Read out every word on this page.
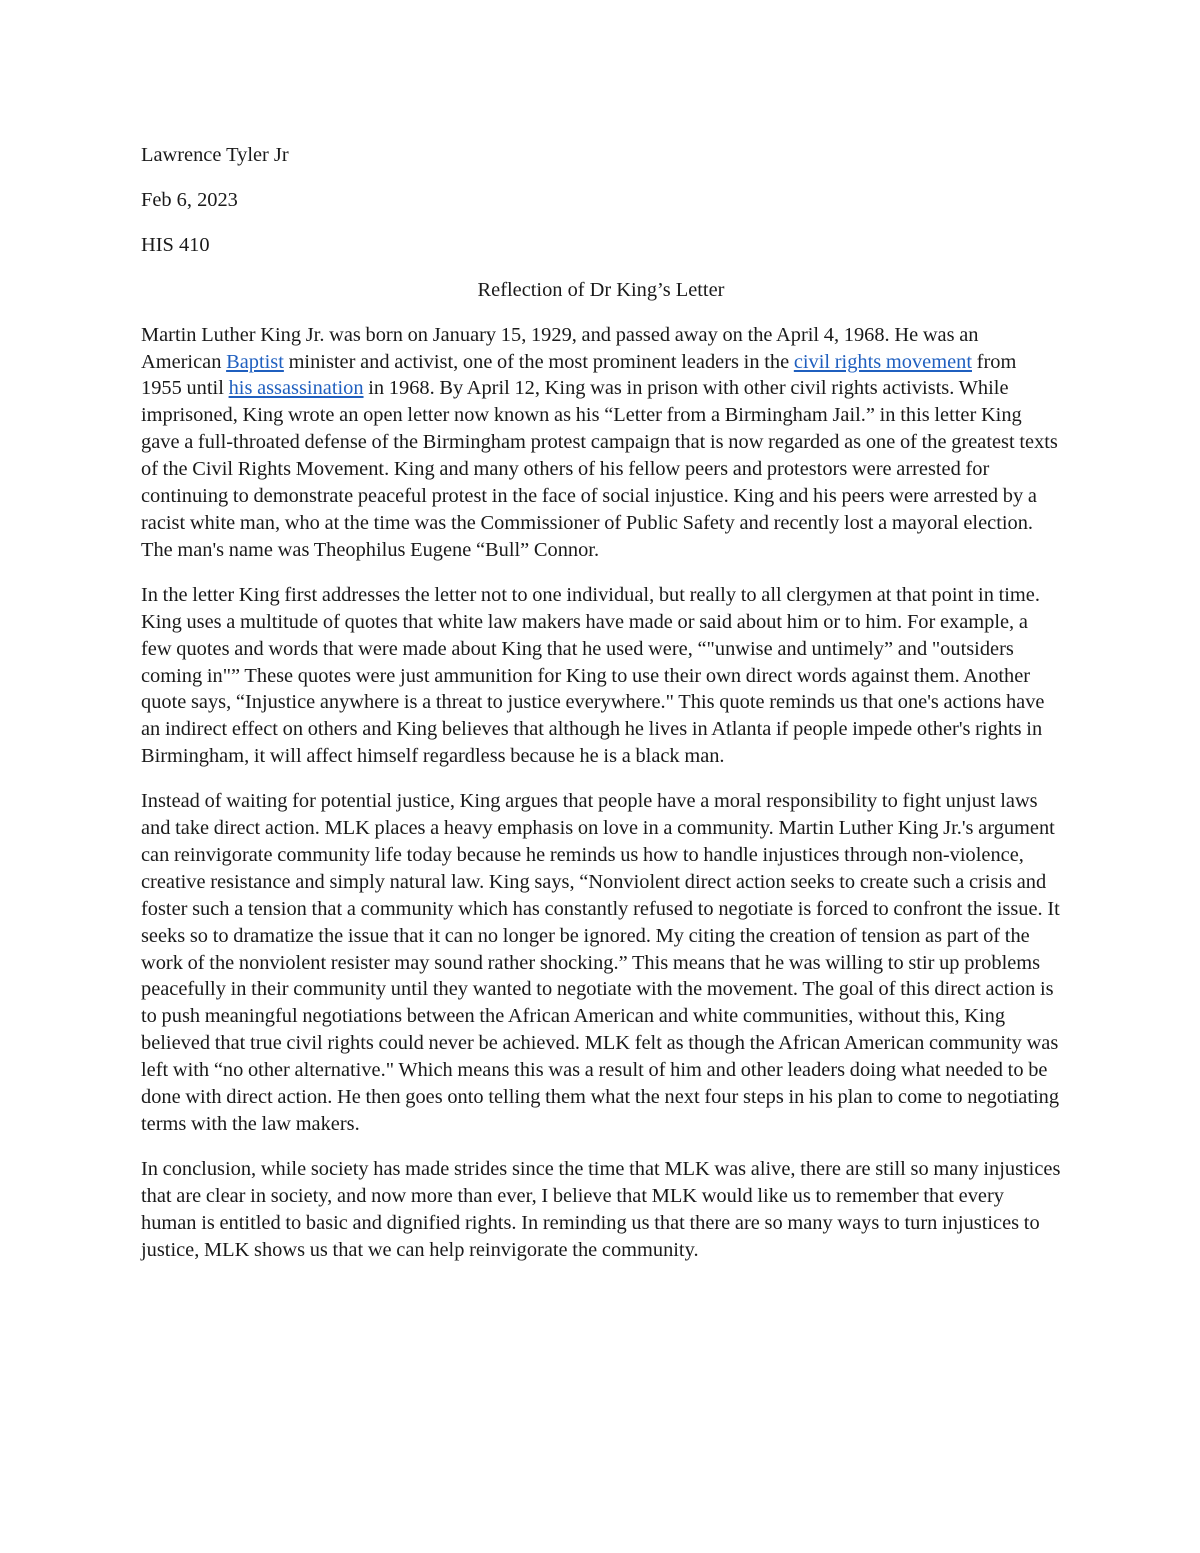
Lawrence Tyler Jr
Feb 6, 2023
HIS 410
Reflection of Dr King’s Letter

Martin Luther King Jr. was born on January 15, 1929, and passed away on the April 4, 1968. He was an American Baptist minister and activist, one of the most prominent leaders in the civil rights movement from 1955 until his assassination in 1968. By April 12, King was in prison with other civil rights activists. While imprisoned, King wrote an open letter now known as his “Letter from a Birmingham Jail.” in this letter King gave a full-throated defense of the Birmingham protest campaign that is now regarded as one of the greatest texts of the Civil Rights Movement. King and many others of his fellow peers and protestors were arrested for continuing to demonstrate peaceful protest in the face of social injustice. King and his peers were arrested by a racist white man, who at the time was the Commissioner of Public Safety and recently lost a mayoral election. The man's name was Theophilus Eugene “Bull” Connor.

In the letter King first addresses the letter not to one individual, but really to all clergymen at that point in time. King uses a multitude of quotes that white law makers have made or said about him or to him. For example, a few quotes and words that were made about King that he used were, “"unwise and untimely” and "outsiders coming in"” These quotes were just ammunition for King to use their own direct words against them. Another quote says, “Injustice anywhere is a threat to justice everywhere." This quote reminds us that one's actions have an indirect effect on others and King believes that although he lives in Atlanta if people impede other's rights in Birmingham, it will affect himself regardless because he is a black man.

Instead of waiting for potential justice, King argues that people have a moral responsibility to fight unjust laws and take direct action. MLK places a heavy emphasis on love in a community. Martin Luther King Jr.'s argument can reinvigorate community life today because he reminds us how to handle injustices through non-violence, creative resistance and simply natural law. King says, “Nonviolent direct action seeks to create such a crisis and foster such a tension that a community which has constantly refused to negotiate is forced to confront the issue. It seeks so to dramatize the issue that it can no longer be ignored. My citing the creation of tension as part of the work of the nonviolent resister may sound rather shocking.” This means that he was willing to stir up problems peacefully in their community until they wanted to negotiate with the movement. The goal of this direct action is to push meaningful negotiations between the African American and white communities, without this, King believed that true civil rights could never be achieved. MLK felt as though the African American community was left with “no other alternative." Which means this was a result of him and other leaders doing what needed to be done with direct action. He then goes onto telling them what the next four steps in his plan to come to negotiating terms with the law makers.

In conclusion, while society has made strides since the time that MLK was alive, there are still so many injustices that are clear in society, and now more than ever, I believe that MLK would like us to remember that every human is entitled to basic and dignified rights. In reminding us that there are so many ways to turn injustices to justice, MLK shows us that we can help reinvigorate the community.
